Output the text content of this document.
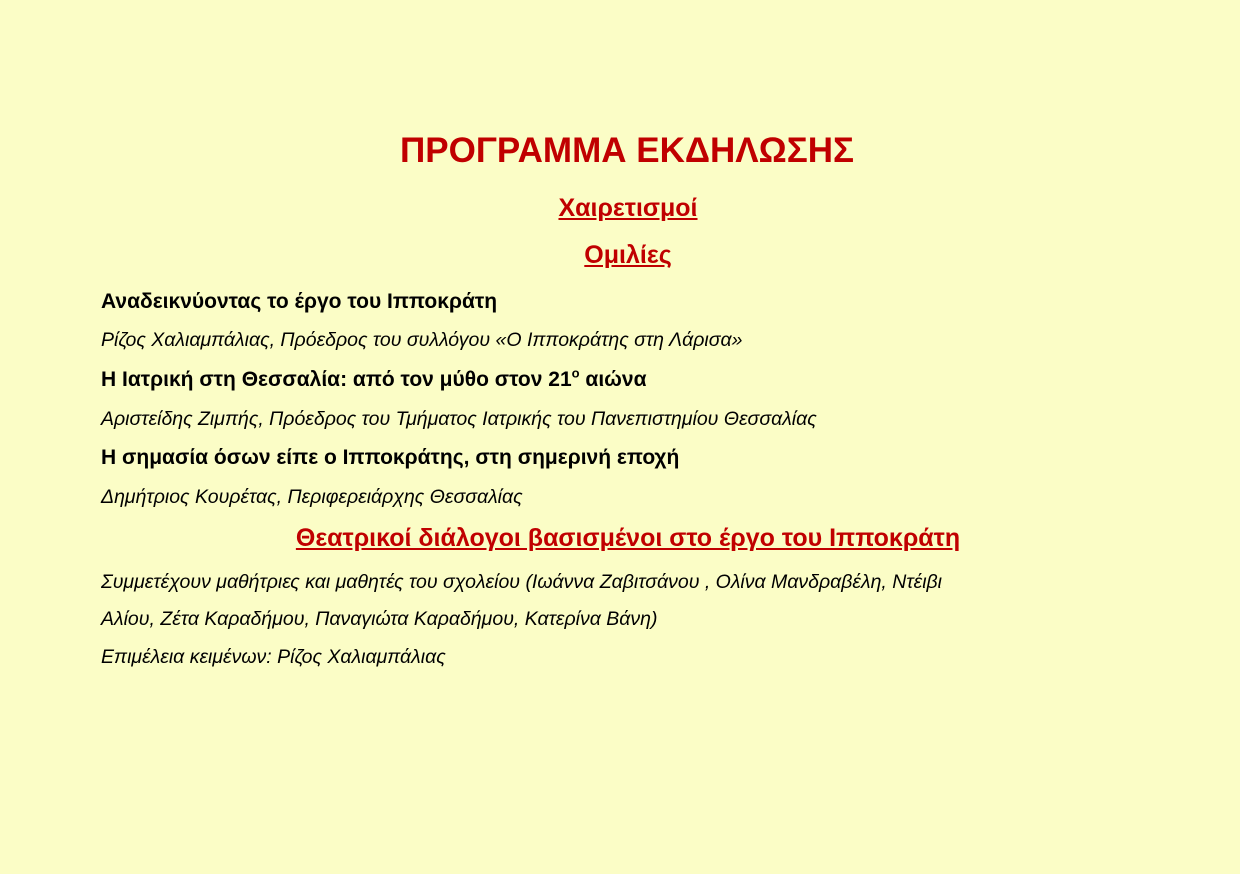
ΠΡΟΓΡΑΜΜΑ ΕΚΔΗΛΩΣΗΣ
Χαιρετισμοί
Ομιλίες

Αναδεικνύοντας το έργο του Ιπποκράτη

Ρίζος Χαλιαμπάλιας, Πρόεδρος του συλλόγου «Ο Ιπποκράτης στη Λάρισα»

Η Ιατρική στη Θεσσαλία: από τον μύθο στον $21^o$ αιώνα

Αριστείδης Ζιμπής, Πρόεδρος του Τμήματος Ιατρικής του Πανεπιστημίου Θεσσαλίας

Η σημασία όσων είπε ο Ιπποκράτης, στη σημερινή εποχή

Δημήτριος Κουρέτας, Περιφερειάρχης Θεσσαλίας

Θεατρικοί διάλογοι βασισμένοι στο έργο του Ιπποκράτη

Συμμετέχουν μαθήτριες και μαθητές του σχολείου (Ιωάννα Ζαβιτσάνου , Ολίνα Μανδραβέλη, Ντέιβι

Αλίου, Ζέτα Καραδήμου, Παναγιώτα Καραδήμου, Κατερίνα Βάνη)

Επιμέλεια κειμένων: Ρίζος Χαλιαμπάλιας
